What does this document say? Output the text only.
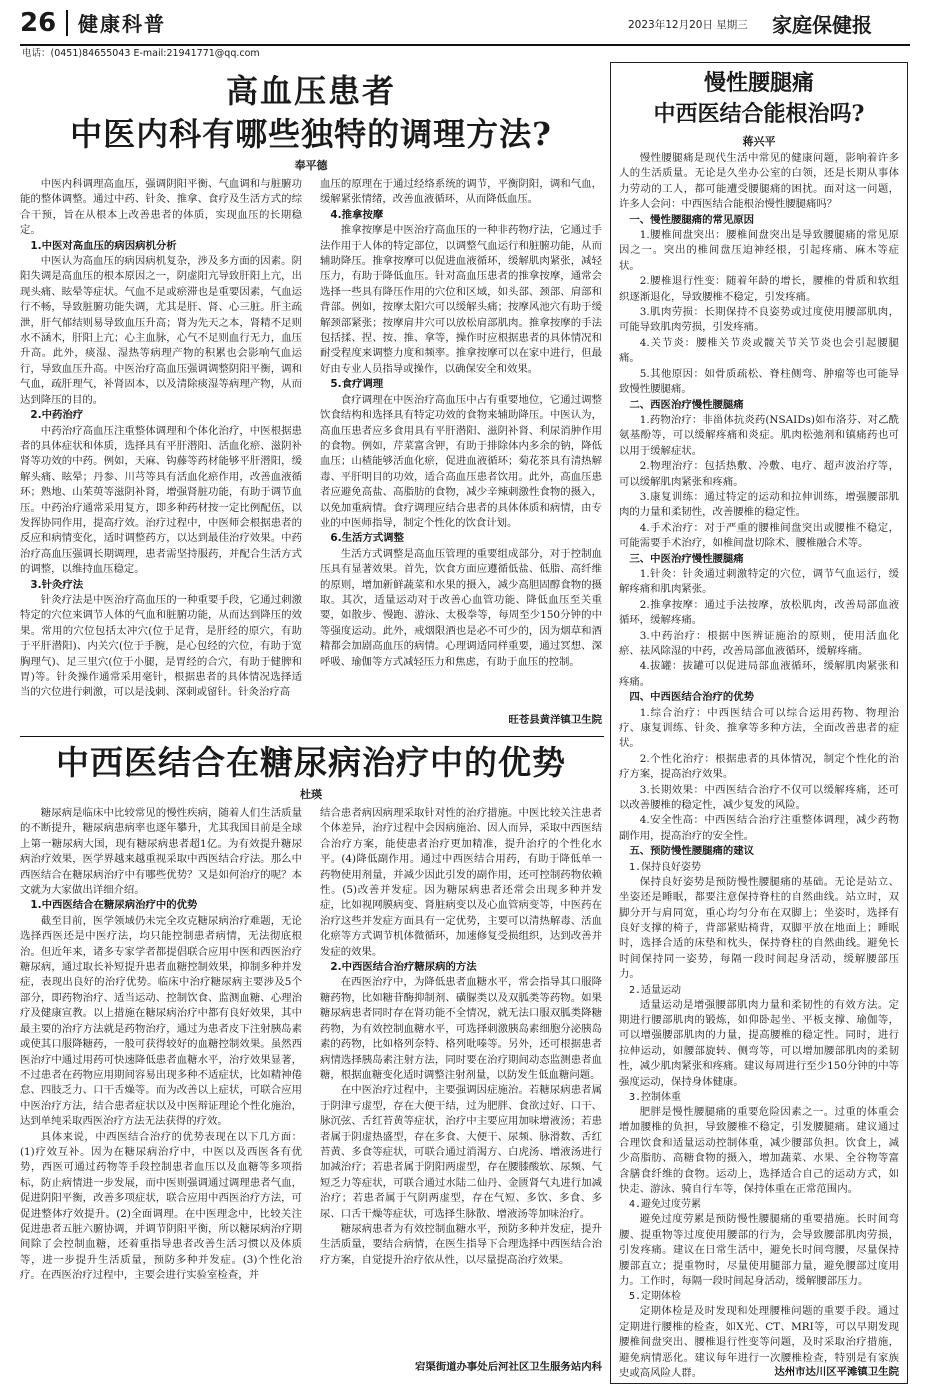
26 健康科普	2023年12月20日 星期三 家庭保健报
电话：(0451)84655043 E-mail:21941771@qq.com
高血压患者
中医内科有哪些独特的调理方法?
奉平德

中医内科调理高血压，强调阴阳平衡、气血调和与脏腑功能的整体调整。通过中药、针灸、推拿、食疗及生活方式的综合干预，旨在从根本上改善患者的体质，实现血压的长期稳定。

1.中医对高血压的病因病机分析

中医认为高血压的病因病机复杂，涉及多方面的因素。阴阳失调是高血压的根本原因之一，阴虚阳亢导致肝阳上亢，出现头痛、眩晕等症状。气血不足或瘀滞也是重要因素，气血运行不畅，导致脏腑功能失调，尤其是肝、肾、心三脏。肝主疏泄，肝气郁结则易导致血压升高；肾为先天之本，肾精不足则水不涵木，肝阳上亢；心主血脉，心气不足则血行无力，血压升高。此外，痰湿、湿热等病理产物的积累也会影响气血运行，导致血压升高。中医治疗高血压强调调整阴阳平衡，调和气血，疏肝理气，补肾固本，以及清除痰湿等病理产物，从而达到降压的目的。

2.中药治疗

中药治疗高血压注重整体调理和个体化治疗，中医根据患者的具体症状和体质，选择具有平肝潜阳、活血化瘀、滋阴补肾等功效的中药。例如，天麻、钩藤等药材能够平肝潜阳，缓解头痛、眩晕；丹参、川芎等具有活血化瘀作用，改善血液循环；熟地、山茱萸等滋阴补肾，增强肾脏功能，有助于调节血压。中药治疗通常采用复方，即多种药材按一定比例配伍，以发挥协同作用，提高疗效。治疗过程中，中医师会根据患者的反应和病情变化，适时调整药方，以达到最佳治疗效果。中药治疗高血压强调长期调理，患者需坚持服药，并配合生活方式的调整，以维持血压稳定。

3.针灸疗法

针灸疗法是中医治疗高血压的一种重要手段，它通过刺激特定的穴位来调节人体的气血和脏腑功能，从而达到降压的效果。常用的穴位包括太冲穴(位于足背，是肝经的原穴，有助于平肝潜阳)、内关穴(位于手腕，是心包经的穴位，有助于宽胸理气)、足三里穴(位于小腿，是胃经的合穴，有助于健脾和胃)等。针灸操作通常采用毫针，根据患者的具体情况选择适当的穴位进行刺激，可以是浅刺、深刺或留针。针灸治疗高

血压的原理在于通过经络系统的调节，平衡阴阳，调和气血，缓解紧张情绪，改善血液循环，从而降低血压。

4.推拿按摩

推拿按摩是中医治疗高血压的一种非药物疗法，它通过手法作用于人体的特定部位，以调整气血运行和脏腑功能，从而辅助降压。推拿按摩可以促进血液循环，缓解肌肉紧张，减轻压力，有助于降低血压。针对高血压患者的推拿按摩，通常会选择一些具有降压作用的穴位和区域，如头部、颈部、肩部和背部。例如，按摩太阳穴可以缓解头痛；按摩风池穴有助于缓解颈部紧张；按摩肩井穴可以放松肩部肌肉。推拿按摩的手法包括揉、捏、按、推、拿等，操作时应根据患者的具体情况和耐受程度来调整力度和频率。推拿按摩可以在家中进行，但最好由专业人员指导或操作，以确保安全和效果。

5.食疗调理

食疗调理在中医治疗高血压中占有重要地位，它通过调整饮食结构和选择具有特定功效的食物来辅助降压。中医认为，高血压患者应多食用具有平肝潜阳、滋阴补肾、利尿消肿作用的食物。例如，芹菜富含钾，有助于排除体内多余的钠，降低血压；山楂能够活血化瘀，促进血液循环；菊花茶具有清热解毒、平肝明目的功效，适合高血压患者饮用。此外，高血压患者应避免高盐、高脂肪的食物，减少辛辣刺激性食物的摄入，以免加重病情。食疗调理应结合患者的具体体质和病情，由专业的中医师指导，制定个性化的饮食计划。

6.生活方式调整

生活方式调整是高血压管理的重要组成部分，对于控制血压具有显著效果。首先，饮食方面应遵循低盐、低脂、高纤维的原则，增加新鲜蔬菜和水果的摄入，减少高胆固醇食物的摄取。其次，适量运动对于改善心血管功能、降低血压至关重要，如散步、慢跑、游泳、太极拳等，每周至少150分钟的中等强度运动。此外，戒烟限酒也是必不可少的，因为烟草和酒精都会加剧高血压的病情。心理调适同样重要，通过冥想、深呼吸、瑜伽等方式减轻压力和焦虑，有助于血压的控制。

旺苍县黄洋镇卫生院
中西医结合在糖尿病治疗中的优势
杜瑛

糖尿病是临床中比较常见的慢性疾病，随着人们生活质量的不断提升，糖尿病患病率也逐年攀升，尤其我国目前是全球上第一糖尿病大国，现有糖尿病患者超1亿。为有效提升糖尿病治疗效果，医学界越来越重视采取中西医结合疗法。那么中西医结合在糖尿病治疗中有哪些优势？又是如何治疗的呢？本文就为大家做出详细介绍。

1.中西医结合在糖尿病治疗中的优势

截至目前，医学领域仍未完全攻克糖尿病治疗难题，无论选择西医还是中医疗法，均只能控制患者病情，无法彻底根治。但近年来，诸多专家学者都提倡联合应用中医和西医治疗糖尿病，通过取长补短提升患者血糖控制效果，抑制多种并发症，表现出良好的治疗优势。临床中治疗糖尿病主要涉及5个部分，即药物治疗、适当运动、控制饮食、监测血糖、心理治疗及健康宣教。以上措施在糖尿病治疗中都有良好效果，其中最主要的治疗方法就是药物治疗，通过为患者皮下注射胰岛素或使其口服降糖药，一般可获得较好的血糖控制效果。虽然西医治疗中通过用药可快速降低患者血糖水平，治疗效果显著，不过患者在药物应用期间容易出现多种不适症状，比如精神倦怠、四肢乏力、口干舌燥等。而为改善以上症状，可联合应用中医治疗方法，结合患者症状以及中医辩证理论个性化施治，达到单纯采取西医治疗方法无法获得的疗效。

具体来说，中西医结合治疗的优势表现在以下几方面：(1)疗效互补。因为在糖尿病治疗中，中医以及西医各有优势，西医可通过药物等手段控制患者血压以及血糖等多项指标，防止病情进一步发展，而中医则强调通过调理患者气血，促进阴阳平衡，改善多项症状，联合应用中西医治疗方法，可促进整体疗效提升。(2)全面调理。在中医理念中，比较关注促进患者五脏六腑协调，并调节阴阳平衡，所以糖尿病治疗期间除了会控制血糖，还着重指导患者改善生活习惯以及体质等，进一步提升生活质量，预防多种并发症。(3)个性化治疗。在西医治疗过程中，主要会进行实验室检查，并

结合患者病因病理采取针对性的治疗措施。中医比较关注患者个体差异，治疗过程中会因病施治、因人而异，采取中西医结合治疗方案，能使患者治疗更加精准，提升治疗的个性化水平。(4)降低副作用。通过中西医结合用药，有助于降低单一药物使用剂量，并减少因此引发的副作用，还可控制药物依赖性。(5)改善并发症。因为糖尿病患者还常会出现多种并发症，比如视网膜病变、肾脏病变以及心血管病变等，中医药在治疗这些并发症方面具有一定优势，主要可以清热解毒、活血化瘀等方式调节机体微循环，加速修复受损组织，达到改善并发症的效果。

2.中西医结合治疗糖尿病的方法

在西医治疗中，为降低患者血糖水平，常会指导其口服降糖药物，比如糖苷酶抑制剂、磺脲类以及双胍类等药物。如果糖尿病患者同时存在肾功能不全情况，就无法口服双胍类降糖药物，为有效控制血糖水平，可选择刺激胰岛素细胞分泌胰岛素的药物，比如格列奈特、格列吡嗪等。另外，还可根据患者病情选择胰岛素注射方法，同时要在治疗期间动态监测患者血糖，根据血糖变化适时调整注射剂量，以防发生低血糖问题。

在中医治疗过程中，主要强调因症施治。若糖尿病患者属于阴津亏虚型，存在大便干结，过为肥胖、食欲过好、口干、脉沉弦、舌红苔黄等症状，治疗中主要应用加味增液汤；若患者属于阴虚热盛型，存在多食、大便干、尿频、脉滑数、舌红苔黄、多食等症状，可联合通过消渴方、白虎汤、增液汤进行加减治疗；若患者属于阴阳两虚型，存在腰膝酸软、尿频、气短乏力等症状，可联合通过水陆二仙丹、金匮肾气丸进行加减治疗；若患者属于气阴两虚型，存在气短、多饮、多食、多尿、口舌干燥等症状，可选择生脉散、增液汤等加味治疗。

糖尿病患者为有效控制血糖水平，预防多种并发症，提升生活质量，要结合病情，在医生指导下合理选择中西医结合治疗方案，自觉提升治疗依从性，以尽量提高治疗效果。

宕渠街道办事处后河社区卫生服务站内科
慢性腰腿痛
中西医结合能根治吗?
蒋兴平

慢性腰腿痛是现代生活中常见的健康问题，影响着许多人的生活质量。无论是久坐办公室的白领，还是长期从事体力劳动的工人，都可能遭受腰腿痛的困扰。面对这一问题，许多人会问：中西医结合能根治慢性腰腿痛吗？

一、慢性腰腿痛的常见原因

1.腰椎间盘突出：腰椎间盘突出是导致腰腿痛的常见原因之一。突出的椎间盘压迫神经根，引起疼痛、麻木等症状。

2.腰椎退行性变：随着年龄的增长，腰椎的骨质和软组织逐渐退化，导致腰椎不稳定，引发疼痛。

3.肌肉劳损：长期保持不良姿势或过度使用腰部肌肉，可能导致肌肉劳损，引发疼痛。

4.关节炎：腰椎关节炎或髋关节关节炎也会引起腰腿痛。

5.其他原因：如骨质疏松、脊柱侧弯、肿瘤等也可能导致慢性腰腿痛。

二、西医治疗慢性腰腿痛

1.药物治疗：非甾体抗炎药(NSAIDs)如布洛芬、对乙酰氨基酚等，可以缓解疼痛和炎症。肌肉松弛剂和镇痛药也可以用于缓解症状。

2.物理治疗：包括热敷、冷敷、电疗、超声波治疗等，可以缓解肌肉紧张和疼痛。

3.康复训练：通过特定的运动和拉伸训练，增强腰部肌肉的力量和柔韧性，改善腰椎的稳定性。

4.手术治疗：对于严重的腰椎间盘突出或腰椎不稳定，可能需要手术治疗，如椎间盘切除术、腰椎融合术等。

三、中医治疗慢性腰腿痛

1.针灸：针灸通过刺激特定的穴位，调节气血运行，缓解疼痛和肌肉紧张。

2.推拿按摩：通过手法按摩，放松肌肉，改善局部血液循环，缓解疼痛。

3.中药治疗：根据中医辨证施治的原则，使用活血化瘀、祛风除湿的中药，改善局部血液循环，缓解疼痛。

4.拔罐：拔罐可以促进局部血液循环，缓解肌肉紧张和疼痛。

四、中西医结合治疗的优势

1.综合治疗：中西医结合可以综合运用药物、物理治疗、康复训练、针灸、推拿等多种方法，全面改善患者的症状。

2.个性化治疗：根据患者的具体情况，制定个性化的治疗方案，提高治疗效果。

3.长期效果：中西医结合治疗不仅可以缓解疼痛，还可以改善腰椎的稳定性，减少复发的风险。

4.安全性高：中西医结合治疗注重整体调理，减少药物副作用，提高治疗的安全性。

五、预防慢性腰腿痛的建议

1.保持良好姿势

保持良好姿势是预防慢性腰腿痛的基础。无论是站立、坐姿还是睡眠，都要注意保持脊柱的自然曲线。站立时，双脚分开与肩同宽，重心均匀分布在双脚上；坐姿时，选择有良好支撑的椅子，背部紧贴椅背，双脚平放在地面上；睡眠时，选择合适的床垫和枕头，保持脊柱的自然曲线。避免长时间保持同一姿势，每隔一段时间起身活动，缓解腰部压力。

2.适量运动

适量运动是增强腰部肌肉力量和柔韧性的有效方法。定期进行腰部肌肉的锻炼，如仰卧起坐、平板支撑、瑜伽等，可以增强腰部肌肉的力量，提高腰椎的稳定性。同时，进行拉伸运动，如腰部旋转、侧弯等，可以增加腰部肌肉的柔韧性，减少肌肉紧张和疼痛。建议每周进行至少150分钟的中等强度运动，保持身体健康。

3.控制体重

肥胖是慢性腰腿痛的重要危险因素之一。过重的体重会增加腰椎的负担，导致腰椎不稳定，引发腰腿痛。建议通过合理饮食和适量运动控制体重，减少腰部负担。饮食上，减少高脂肪、高糖食物的摄入，增加蔬菜、水果、全谷物等富含膳食纤维的食物。运动上，选择适合自己的运动方式，如快走、游泳、骑自行车等，保持体重在正常范围内。

4.避免过度劳累

避免过度劳累是预防慢性腰腿痛的重要措施。长时间弯腰、提重物等过度使用腰部的行为，会导致腰部肌肉劳损，引发疼痛。建议在日常生活中，避免长时间弯腰，尽量保持腰部直立；提重物时，尽量使用腿部力量，避免腰部过度用力。工作时，每隔一段时间起身活动，缓解腰部压力。

5.定期体检

定期体检是及时发现和处理腰椎问题的重要手段。通过定期进行腰椎的检查，如X光、CT、MRI等，可以早期发现腰椎间盘突出、腰椎退行性变等问题，及时采取治疗措施，避免病情恶化。建议每年进行一次腰椎检查，特别是有家族史或高风险人群。	达州市达川区平滩镇卫生院
